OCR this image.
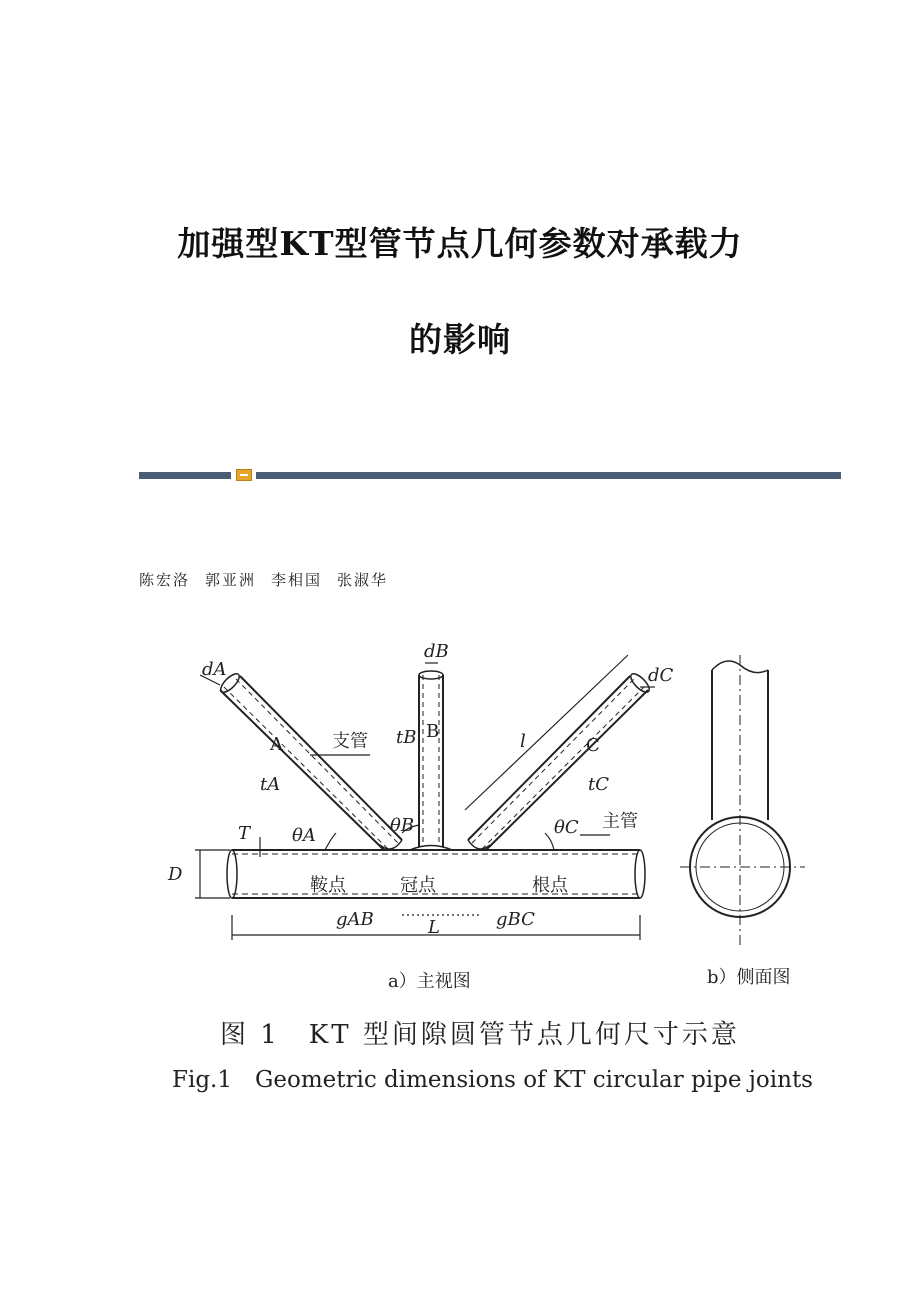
加强型KT型管节点几何参数对承载力
的影响
陈宏洛 郭亚洲 李相国 张淑华
dA
dB
dC
A
B
C
tA
tB
tC
l
T
D
L
θA	θB	θC
gAB	gBC
支管
主管
鞍点	冠点	根点
a）主视图	b）侧面图
图 1　KT 型间隙圆管节点几何尺寸示意
Fig.1　Geometric dimensions of KT circular pipe joints
